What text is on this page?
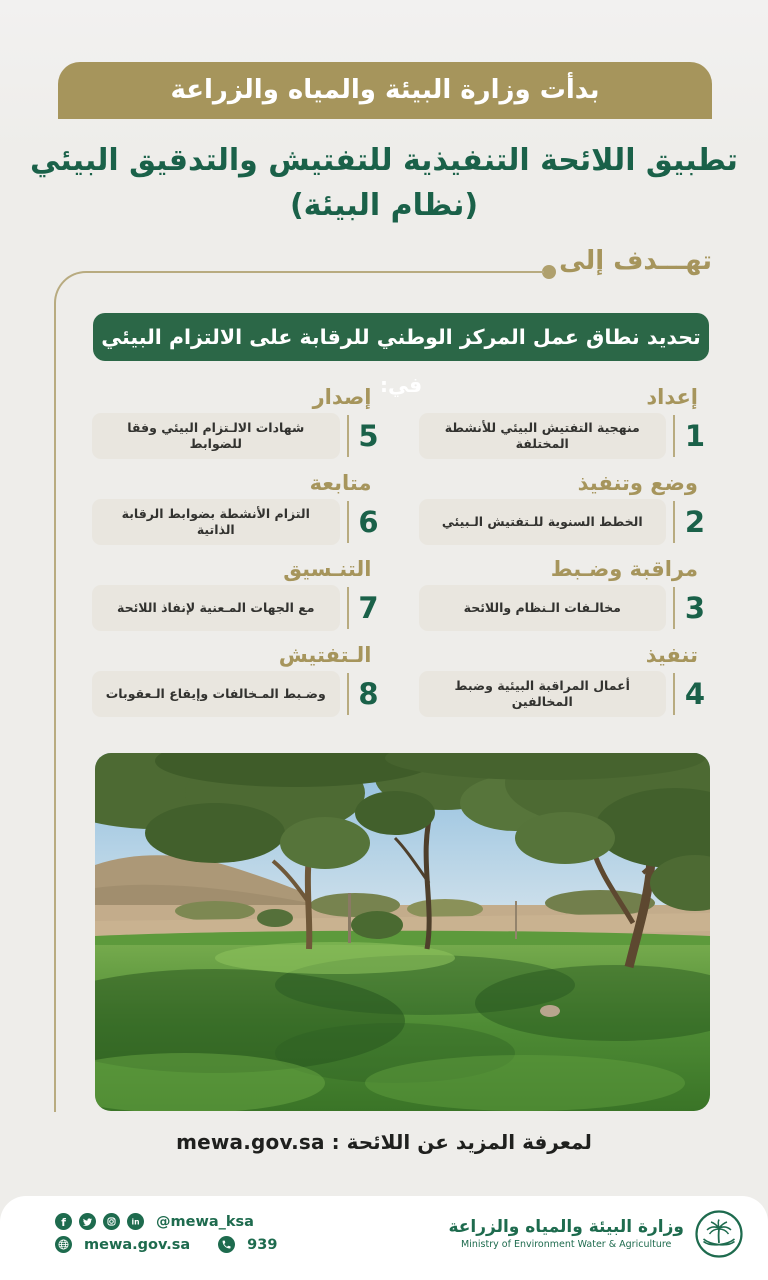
بدأت وزارة البيئة والمياه والزراعة
تطبيق اللائحة التنفيذية للتفتيش والتدقيق البيئي
(نظام البيئة)
تهـــدف إلى
تحديد نطاق عمل المركز الوطني للرقابة على الالتزام البيئي في:	إعداد
1
منهجية التفتيش البيئي للأنشطة المختلفة
وضع وتنفيذ
2
الخطط السنوية للـتفتيش الـبيئي
مراقبة وضـبط
3
مخالـفات الـنظام واللائحة
تنفيذ
4
أعمال المراقبة البيئية وضبط المخالفين
إصدار
5
شهادات الالـتزام البيئي وفقا للضوابط
متابعة
6
التزام الأنشطة بضوابط الرقابة الذاتية
التنـسيق
7
مع الجهات المـعنية لإنفاذ اللائحة
الـتفتيش
8
وضـبط المـخالفات وإيقاع الـعقوبات
لمعرفة المزيد عن اللائحة : mewa.gov.sa
f	in @mewa_ksa
mewa.gov.sa	939
وزارة البيئة والمياه والزراعة
Ministry of Environment Water & Agriculture
